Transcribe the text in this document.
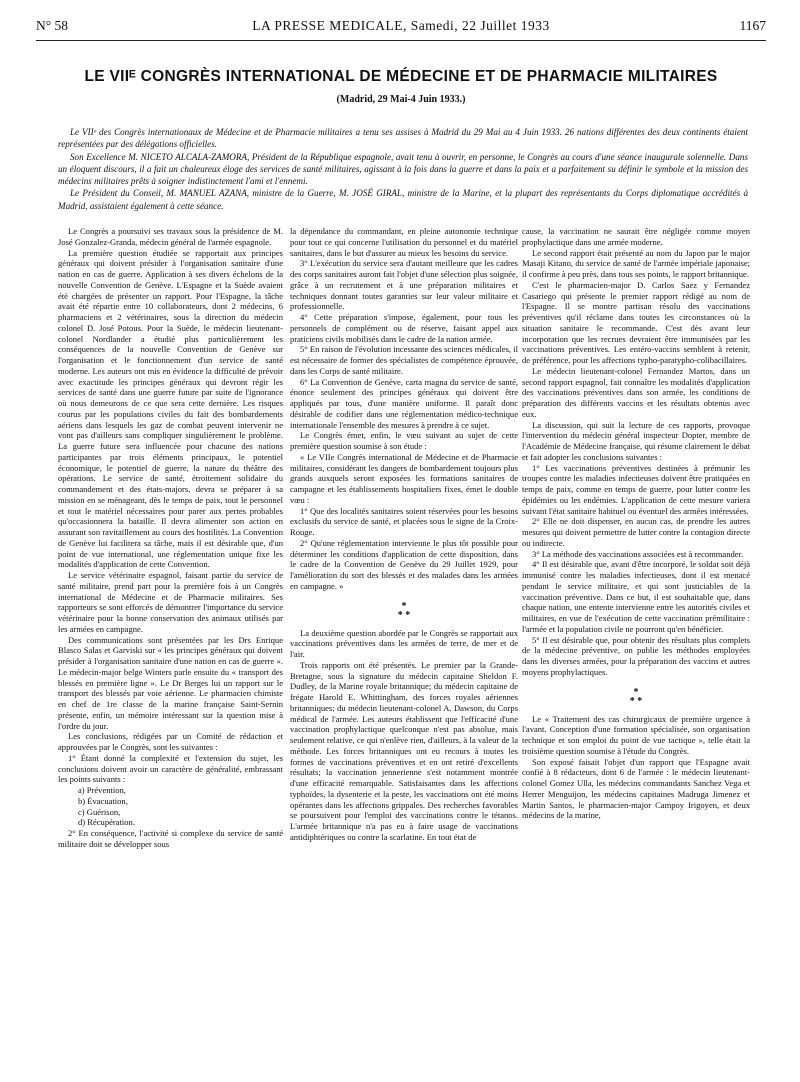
N° 58	LA PRESSE MEDICALE, Samedi, 22 Juillet 1933	1167
LE VIIᴱ CONGRÈS INTERNATIONAL DE MÉDECINE ET DE PHARMACIE MILITAIRES
(Madrid, 29 Mai-4 Juin 1933.)

Le VIIᵉ des Congrès internationaux de Médecine et de Pharmacie militaires a tenu ses assises à Madrid du 29 Mai au 4 Juin 1933. 26 nations différentes des deux continents étaient représentées par des délégations officielles.

Son Excellence M. NICETO ALCALA-ZAMORA, Président de la République espagnole, avait tenu à ouvrir, en personne, le Congrès au cours d'une séance inaugurale solennelle. Dans un éloquent discours, il a fait un chaleureux éloge des services de santé militaires, agissant à la fois dans la guerre et dans la paix et a parfaitement su définir le symbole et la mission des médecins militaires prêts à soigner indistinctement l'ami et l'ennemi.

Le Président du Conseil, M. MANUEL AZANA, ministre de la Guerre, M. JOSÉ GIRAL, ministre de la Marine, et la plupart des représentants du Corps diplomatique accrédités à Madrid, assistaient également à cette séance.

Le Congrès a poursuivi ses travaux sous la présidence de M. José Gonzalez-Granda, médecin général de l'armée espagnole.

La première question étudiée se rapportait aux principes généraux qui doivent présider à l'organisation sanitaire d'une nation en cas de guerre. Application à ses divers échelons de la nouvelle Convention de Genève. L'Espagne et la Suède avaient été chargées de présenter un rapport. Pour l'Espagne, la tâche avait été répartie entre 10 collaborateurs, dont 2 médecins, 6 pharmaciens et 2 vétérinaires, sous la direction du médecin colonel D. José Potous. Pour la Suède, le médecin lieutenant-colonel Nordlander a étudié plus particulièrement les conséquences de la nouvelle Convention de Genève sur l'organisation et le fonctionnement d'un service de santé moderne. Les auteurs ont mis en évidence la difficulté de prévoir avec exactitude les principes généraux qui devront régir les services de santé dans une guerre future par suite de l'ignorance où nous demeurons de ce que sera cette dernière. Les risques courus par les populations civiles du fait des bombardements aériens dans lesquels les gaz de combat peuvent intervenir ne vont pas d'ailleurs sans compliquer singulièrement le problème. La guerre future sera influencée pour chacune des nations participantes par trois éléments principaux, le potentiel économique, le potentiel de guerre, la nature du théâtre des opérations. Le service de santé, étroitement solidaire du commandement et des états-majors, devra se préparer à sa mission en se ménageant, dès le temps de paix, tout le personnel et tout le matériel nécessaires pour parer aux pertes probables qu'occasionnera la bataille. Il devra alimenter son action en assurant son ravitaillement au cours des hostilités. La Convention de Genève lui facilitera sa tâche, mais il est désirable que, d'un point de vue international, une réglementation unique fixe les modalités d'application de cette Convention.

Le service vétérinaire espagnol, faisant partie du service de santé militaire, prend part pour la première fois à un Congrès international de Médecine et de Pharmacie militaires. Ses rapporteurs se sont efforcés de démontrer l'importance du service vétérinaire pour la bonne conservation des animaux utilisés par les armées en campagne.

Des communications sont présentées par les Drs Enrique Blasco Salas et Garviski sur « les principes généraux qui doivent présider à l'organisation sanitaire d'une nation en cas de guerre ». Le médecin-major belge Winters parle ensuite du « transport des blessés en première ligne ». Le Dr Berges lui un rapport sur le transport des blessés par voie aérienne. Le pharmacien chimiste en chef de 1re classe de la marine française Saint-Sernin présente, enfin, un mémoire intéressant sur la question mise à l'ordre du jour.

Les conclusions, rédigées par un Comité de rédaction et approuvées par le Congrès, sont les suivantes :

1° Étant donné la complexité et l'extension du sujet, les conclusions doivent avoir un caractère de généralité, embrassant les points suivants :

a) Prévention,

b) Évacuation,

c) Guérison,

d) Récupération.

2° En conséquence, l'activité si complexe du service de santé militaire doit se développer sous

la dépendance du commandant, en pleine autonomie technique pour tout ce qui concerne l'utilisation du personnel et du matériel sanitaires, dans le but d'assurer au mieux les besoins du service.

3° L'exécution du service sera d'autant meilleure que les cadres des corps sanitaires auront fait l'objet d'une sélection plus soignée, grâce à un recrutement et à une préparation militaires et techniques donnant toutes garanties sur leur valeur militaire et professionnelle.

4° Cette préparation s'impose, également, pour tous les personnels de complément ou de réserve, faisant appel aux praticiens civils mobilisés dans le cadre de la nation armée.

5° En raison de l'évolution incessante des sciences médicales, il est nécessaire de former des spécialistes de compétence éprouvée, dans les Corps de santé militaire.

6° La Convention de Genève, carta magna du service de santé, énonce seulement des principes généraux qui doivent être appliqués par tous, d'une manière uniforme. Il paraît donc désirable de codifier dans une réglementation médico-technique internationale l'ensemble des mesures à prendre à ce sujet.

Le Congrès émet, enfin, le vœu suivant au sujet de cette première question soumise à son étude :

« Le VIIe Congrès international de Médecine et de Pharmacie militaires, considérant les dangers de bombardement toujours plus grands auxquels seront exposées les formations sanitaires de campagne et les établissements hospitaliers fixes, émet le double vœu :

1° Que des localités sanitaires soient réservées pour les besoins exclusifs du service de santé, et placées sous le signe de la Croix-Rouge.

2° Qu'une réglementation intervienne le plus tôt possible pour déterminer les conditions d'application de cette disposition, dans le cadre de la Convention de Genève du 29 Juillet 1929, pour l'amélioration du sort des blessés et des malades dans les armées en campagne. »

*
* *

La deuxième question abordée par le Congrès se rapportait aux vaccinations préventives dans les armées de terre, de mer et de l'air.

Trois rapports ont été présentés. Le premier par la Grande-Bretagne, sous la signature du médecin capitaine Sheldon F. Dudley, de la Marine royale britannique; du médecin capitaine de frégate Harold E. Whittingham, des forces royales aériennes britanniques; du médecin lieutenant-colonel A. Dawson, du Corps médical de l'armée. Les auteurs établissent que l'efficacité d'une vaccination prophylactique quelconque n'est pas absolue, mais seulement relative, ce qui n'enlève rien, d'ailleurs, à la valeur de la méthode. Les forces britanniques ont eu recours à toutes les formes de vaccinations préventives et en ont retiré d'excellents résultats; la vaccination jennerienne s'est notamment montrée d'une efficacité remarquable. Satisfaisantes dans les affections typhoïdes, la dysenterie et la peste, les vaccinations ont été moins opérantes dans les affections grippales. Des recherches favorables se poursuivent pour l'emploi des vaccinations contre le tétanos. L'armée britannique n'a pas eu à faire usage de vaccinations antidiphtériques ou contre la scarlatine. En tout état de

cause, la vaccination ne saurait être négligée comme moyen prophylactique dans une armée moderne.

Le second rapport était présenté au nom du Japon par le major Masaji Kitano, du service de santé de l'armée impériale japonaise; il confirme à peu près, dans tous ses points, le rapport britannique.

C'est le pharmacien-major D. Carlos Saez y Fernandez Casariego qui présente le premier rapport rédigé au nom de l'Espagne. Il se montre partisan résolu des vaccinations préventives qu'il réclame dans toutes les circonstances où la situation sanitaire le recommande. C'est dès avant leur incorporation que les recrues devraient être immunisées par les vaccinations préventives. Les entéro-vaccins semblent à retenir, de préférence, pour les affections typho-paratypho-colibacillaires.

Le médecin lieutenant-colonel Fernandez Martos, dans un second rapport espagnol, fait connaître les modalités d'application des vaccinations préventives dans son armée, les conditions de préparation des différents vaccins et les résultats obtenus avec eux.

La discussion, qui suit la lecture de ces rapports, provoque l'intervention du médecin général inspecteur Dopter, membre de l'Académie de Médecine française, qui résume clairement le débat et fait adopter les conclusions suivantes :

1° Les vaccinations préventives destinées à prémunir les troupes contre les maladies infectieuses doivent être pratiquées en temps de paix, comme en temps de guerre, pour lutter contre les épidémies ou les endémies. L'application de cette mesure variera suivant l'état sanitaire habituel ou éventuel des armées intéressées.

2° Elle ne doit dispenser, en aucun cas, de prendre les autres mesures qui doivent permettre de lutter contre la contagion directe ou indirecte.

3° La méthode des vaccinations associées est à recommander.

4° Il est désirable que, avant d'être incorporé, le soldat soit déjà immunisé contre les maladies infectieuses, dont il est menacé pendant le service militaire, et qui sont justiciables de la vaccination préventive. Dans ce but, il est souhaitable que, dans chaque nation, une entente intervienne entre les autorités civiles et militaires, en vue de l'exécution de cette vaccination prémilitaire : l'armée et la population civile ne pourront qu'en bénéficier.

5° Il est désirable que, pour obtenir des résultats plus complets de la médecine préventive, on publie les méthodes employées dans les diverses armées, pour la préparation des vaccins et autres moyens prophylactiques.

*
* *

Le « Traitement des cas chirurgicaux de première urgence à l'avant. Conception d'une formation spécialisée, son organisation technique et son emploi du point de vue tactique », telle était la troisième question soumise à l'étude du Congrès.

Son exposé faisait l'objet d'un rapport que l'Espagne avait confié à 8 rédacteurs, dont 6 de l'armée : le médecin lieutenant-colonel Gomez Ulla, les médecins commandants Sanchez Vega et Herrer Menguijon, les médecins capitaines Madruga Jimenez et Martin Santos, le pharmacien-major Campoy Irigoyen, et deux médecins de la marine,
